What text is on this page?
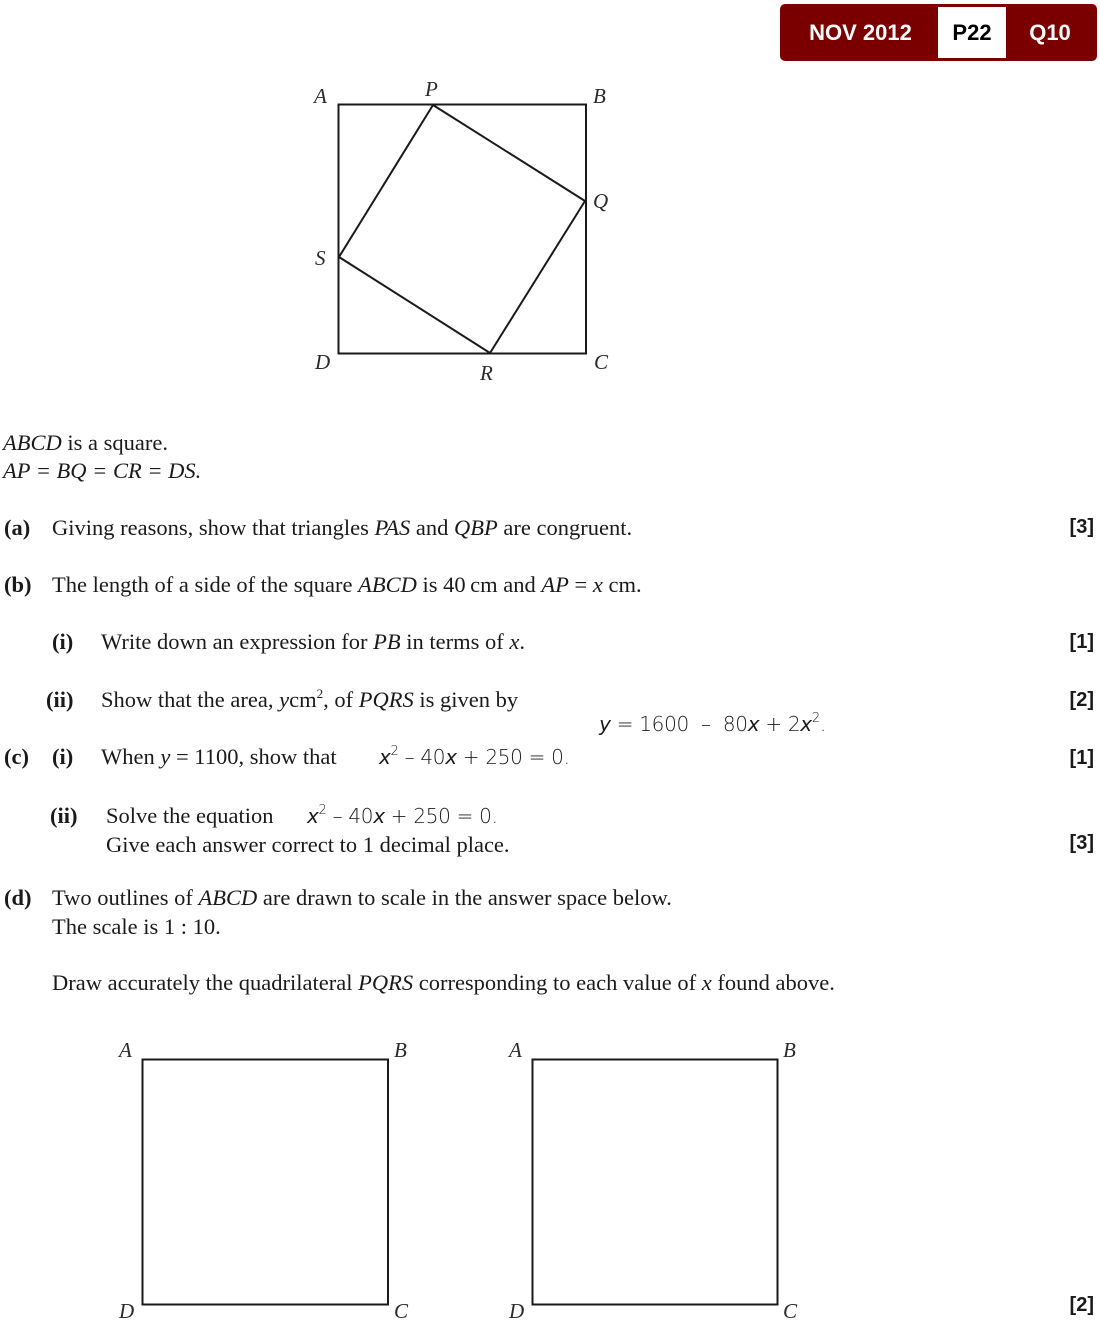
NOV 2012	P22	Q10
A	P	B
Q
S
D	R	C
A	B
D	C
A	B
D	C
ABCD is a square.
AP = BQ = CR = DS.
(a) Giving reasons, show that triangles PAS and QBP are congruent.	[3]
(b) The length of a side of the square ABCD is 40 cm and AP = x cm.
(i) Write down an expression for PB in terms of x.	[1]
(ii) Show that the area, ycm$^2$, of PQRS is given by

$y = 1600 - 80x + 2x^2$.

[2]
(c) (i) When y = 1100, show that $x^2 - 40x + 250 = 0$.	[1]
(ii) Solve the equation $x^2 - 40x + 250 = 0$.
Give each answer correct to 1 decimal place.	[3]
(d) Two outlines of ABCD are drawn to scale in the answer space below.
The scale is 1 : 10.
Draw accurately the quadrilateral PQRS corresponding to each value of x found above.
[2]
